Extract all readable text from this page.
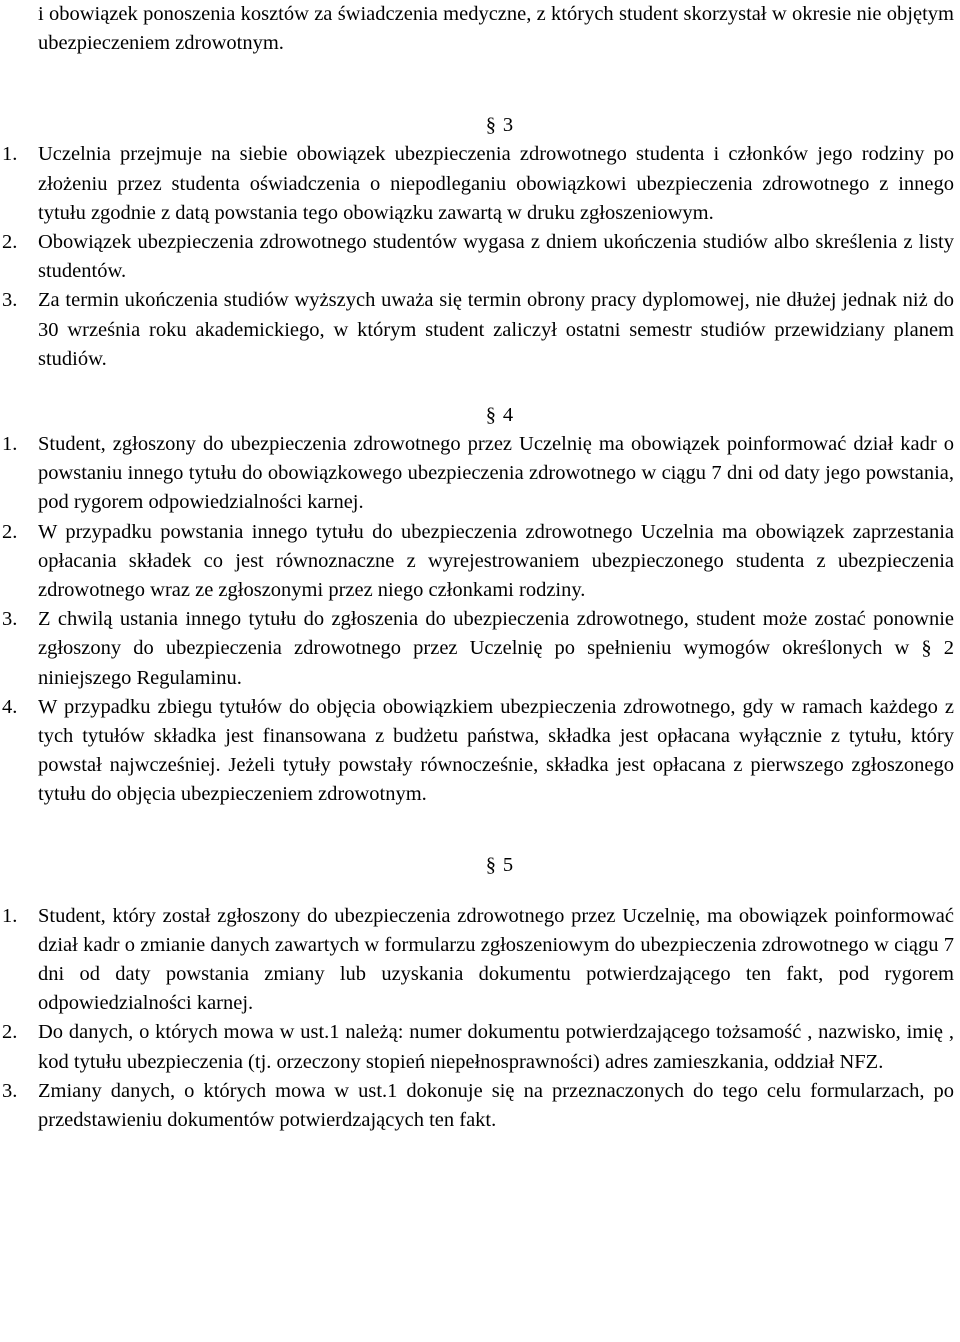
i obowiązek ponoszenia kosztów za świadczenia medyczne, z których student skorzystał w okresie nie objętym ubezpieczeniem zdrowotnym.

§ 3
1.	Uczelnia przejmuje na siebie obowiązek ubezpieczenia zdrowotnego studenta i członków jego rodziny po złożeniu przez studenta oświadczenia o niepodleganiu obowiązkowi ubezpieczenia zdrowotnego z innego tytułu zgodnie z datą powstania tego obowiązku zawartą w druku zgłoszeniowym.
2.	Obowiązek ubezpieczenia zdrowotnego studentów wygasa z dniem ukończenia studiów albo skreślenia z listy studentów.
3.	Za termin ukończenia studiów wyższych uważa się termin obrony pracy dyplomowej, nie dłużej jednak niż do 30 września roku akademickiego, w którym student zaliczył ostatni semestr studiów przewidziany planem studiów.
§ 4
1.	Student, zgłoszony do ubezpieczenia zdrowotnego przez Uczelnię ma obowiązek poinformować dział kadr o powstaniu innego tytułu do obowiązkowego ubezpieczenia zdrowotnego w ciągu 7 dni od daty jego powstania, pod rygorem odpowiedzialności karnej.
2.	W przypadku powstania innego tytułu do ubezpieczenia zdrowotnego Uczelnia ma obowiązek zaprzestania opłacania składek co jest równoznaczne z wyrejestrowaniem ubezpieczonego studenta z ubezpieczenia zdrowotnego wraz ze zgłoszonymi przez niego członkami rodziny.
3.	Z chwilą ustania innego tytułu do zgłoszenia do ubezpieczenia zdrowotnego, student może zostać ponownie zgłoszony do ubezpieczenia zdrowotnego przez Uczelnię po spełnieniu wymogów określonych w § 2 niniejszego Regulaminu.
4.	W przypadku zbiegu tytułów do objęcia obowiązkiem ubezpieczenia zdrowotnego, gdy w ramach każdego z tych tytułów składka jest finansowana z budżetu państwa, składka jest opłacana wyłącznie z tytułu, który powstał najwcześniej. Jeżeli tytuły powstały równocześnie, składka jest opłacana z pierwszego zgłoszonego tytułu do objęcia ubezpieczeniem zdrowotnym.
§ 5
1.	Student, który został zgłoszony do ubezpieczenia zdrowotnego przez Uczelnię, ma obowiązek poinformować dział kadr o zmianie danych zawartych w formularzu zgłoszeniowym do ubezpieczenia zdrowotnego w ciągu 7 dni od daty powstania zmiany lub uzyskania dokumentu potwierdzającego ten fakt, pod rygorem odpowiedzialności karnej.
2.	Do danych, o których mowa w ust.1 należą: numer dokumentu potwierdzającego tożsamość , nazwisko, imię , kod tytułu ubezpieczenia (tj. orzeczony stopień niepełnosprawności) adres zamieszkania, oddział NFZ.
3.	Zmiany danych, o których mowa w ust.1 dokonuje się na przeznaczonych do tego celu formularzach, po przedstawieniu dokumentów potwierdzających ten fakt.
